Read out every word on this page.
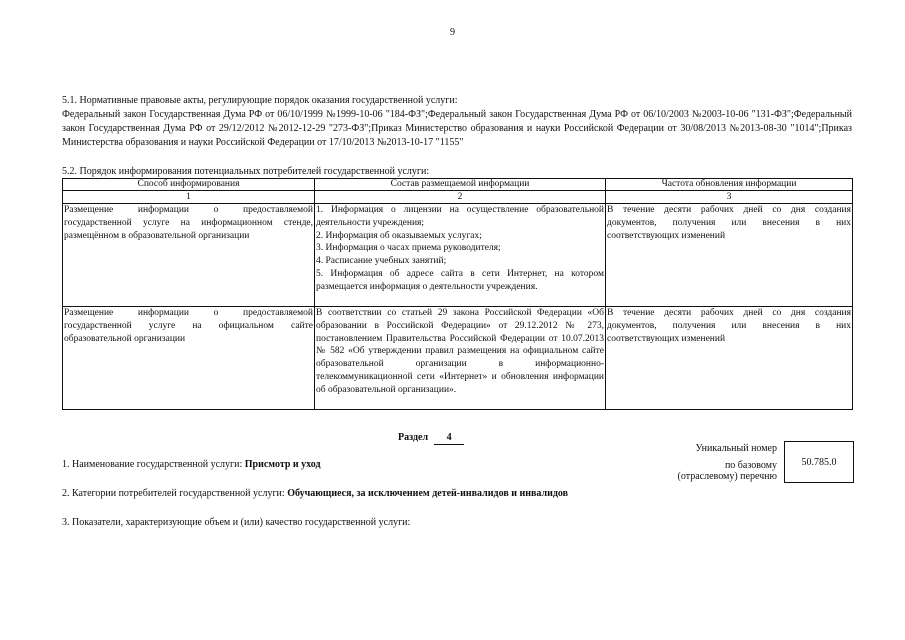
9
5.1. Нормативные правовые акты, регулирующие порядок оказания государственной услуги:
Федеральный закон Государственная Дума РФ от 06/10/1999 №1999-10-06 "184-ФЗ";Федеральный закон Государственная Дума РФ от 06/10/2003 №2003-10-06 "131-ФЗ";Федеральный закон Государственная Дума РФ от 29/12/2012 №2012-12-29 "273-ФЗ";Приказ Министерство образования и науки Российской Федерации от 30/08/2013 №2013-08-30 "1014";Приказ Министерства образования и науки Российской Федерации от 17/10/2013 №2013-10-17 "1155"
5.2. Порядок информирования потенциальных потребителей государственной услуги:
Способ информирования	Состав размещаемой информации	Частота обновления информации
1	2	3
Размещение информации о предоставляемой государственной услуге на информационном стенде, размещённом в образовательной организации	1. Информация о лицензии на осуществление образовательной деятельности учреждения;
2. Информация об оказываемых услугах;
3. Информация о часах приема руководителя;
4. Расписание учебных занятий;
5. Информация об адресе сайта в сети Интернет, на котором размещается информация о деятельности учреждения.	В течение десяти рабочих дней со дня создания документов, получения или внесения в них соответствующих изменений
Размещение информации о предоставляемой государственной услуге на официальном сайте образовательной организации	В соответствии со статьей 29 закона Российской Федерации «Об образовании в Российской Федерации» от 29.12.2012 № 273, постановлением Правительства Российской Федерации от 10.07.2013 № 582 «Об утверждении правил размещения на официальном сайте образовательной организации в информационно-телекоммуникационной сети «Интернет» и обновления информации об образовательной организации».	В течение десяти рабочих дней со дня создания документов, получения или внесения в них соответствующих изменений
Раздел 4
Уникальный номер
по базовому
(отраслевому) перечню
50.785.0
1. Наименование государственной услуги: Присмотр и уход
2. Категории потребителей государственной услуги: Обучающиеся, за исключением детей-инвалидов и инвалидов
3. Показатели, характеризующие объем и (или) качество государственной услуги:
